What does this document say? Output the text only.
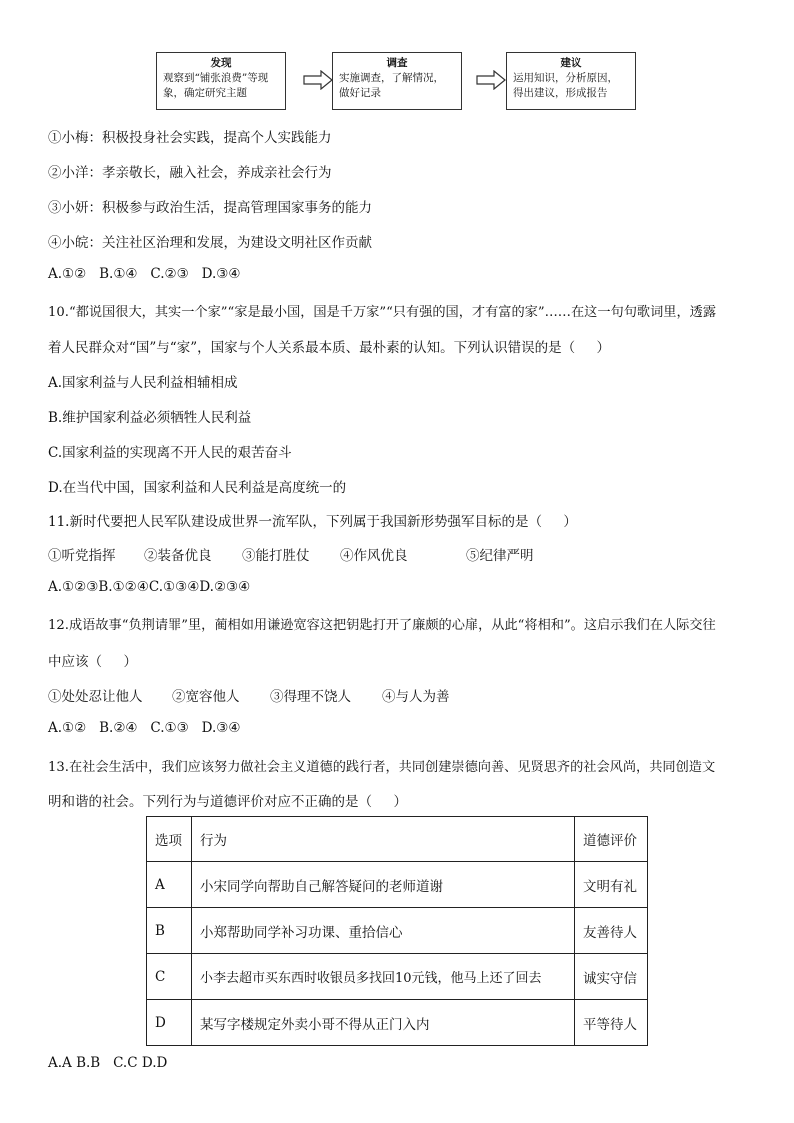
发现
观察到“铺张浪费”等现
象，确定研究主题
调查
实施调查，了解情况，
做好记录
建议
运用知识，分析原因，
得出建议，形成报告
①小梅：积极投身社会实践，提高个人实践能力
②小洋：孝亲敬长，融入社会，养成亲社会行为
③小妍：积极参与政治生活，提高管理国家事务的能力
④小皖：关注社区治理和发展，为建设文明社区作贡献
A.①②   B.①④   C.②③   D.③④
10.“都说国很大，其实一个家”“家是最小国，国是千万家”“只有强的国，才有富的家”……在这一句句歌词里，透露
着人民群众对“国”与“家”，国家与个人关系最本质、最朴素的认知。下列认识错误的是（     ）
A.国家利益与人民利益相辅相成
B.维护国家利益必须牺牲人民利益
C.国家利益的实现离不开人民的艰苦奋斗
D.在当代中国，国家利益和人民利益是高度统一的
11.新时代要把人民军队建设成世界一流军队，下列属于我国新形势强军目标的是（     ）
①听党指挥 ②装备优良 ③能打胜仗 ④作风优良	⑤纪律严明
A.①②③B.①②④C.①③④D.②③④
12.成语故事“负荆请罪”里，蔺相如用谦逊宽容这把钥匙打开了廉颇的心扉，从此“将相和”。这启示我们在人际交往
中应该（     ）
①处处忍让他人 ②宽容他人 ③得理不饶人 ④与人为善
A.①②   B.②④   C.①③   D.③④
13.在社会生活中，我们应该努力做社会主义道德的践行者，共同创建崇德向善、见贤思齐的社会风尚，共同创造文
明和谐的社会。下列行为与道德评价对应不正确的是（     ）
选项	行为	道德评价
A	小宋同学向帮助自己解答疑问的老师道谢	文明有礼
B	小郑帮助同学补习功课、重拾信心	友善待人
C	小李去超市买东西时收银员多找回10元钱，他马上还了回去	诚实守信
D	某写字楼规定外卖小哥不得从正门入内	平等待人
A.A B.B   C.C D.D
